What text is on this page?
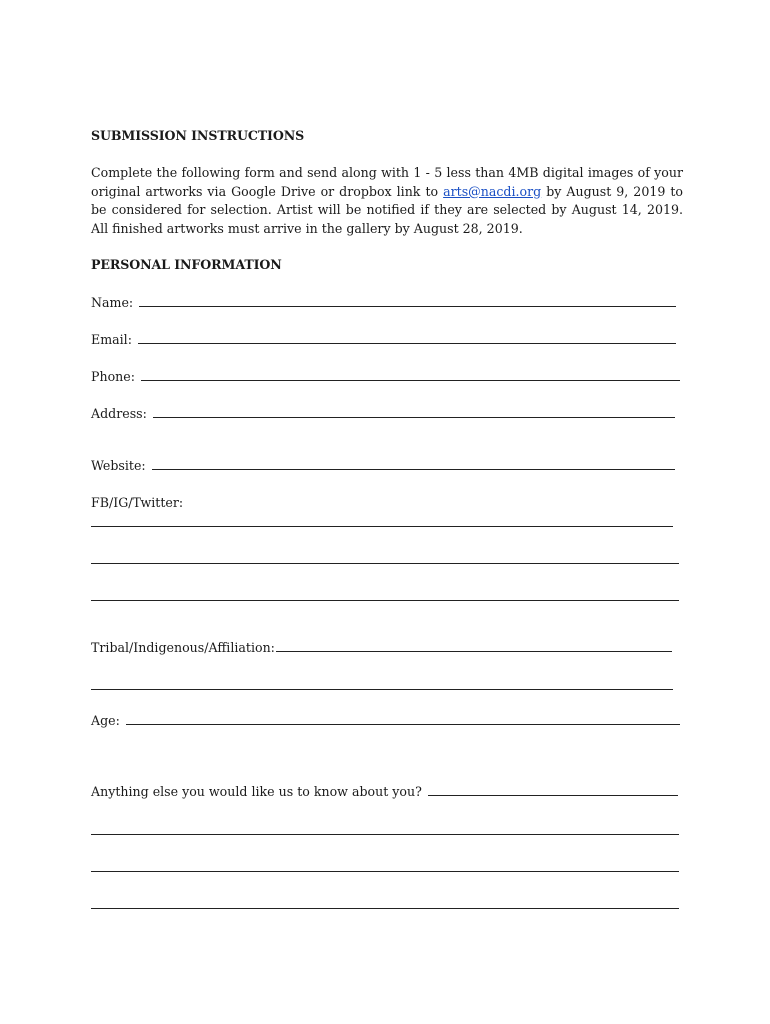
SUBMISSION INSTRUCTIONS
Complete the following form and send along with 1 - 5 less than 4MB digital images of your
original artworks via Google Drive or dropbox link to arts@nacdi.org by August 9, 2019 to
be considered for selection. Artist will be notified if they are selected by August 14, 2019.
All finished artworks must arrive in the gallery by August 28, 2019.
PERSONAL INFORMATION
Name:
Email:
Phone:
Address:
Website:
FB/IG/Twitter:
Tribal/Indigenous/Affiliation:
Age:
Anything else you would like us to know about you?
